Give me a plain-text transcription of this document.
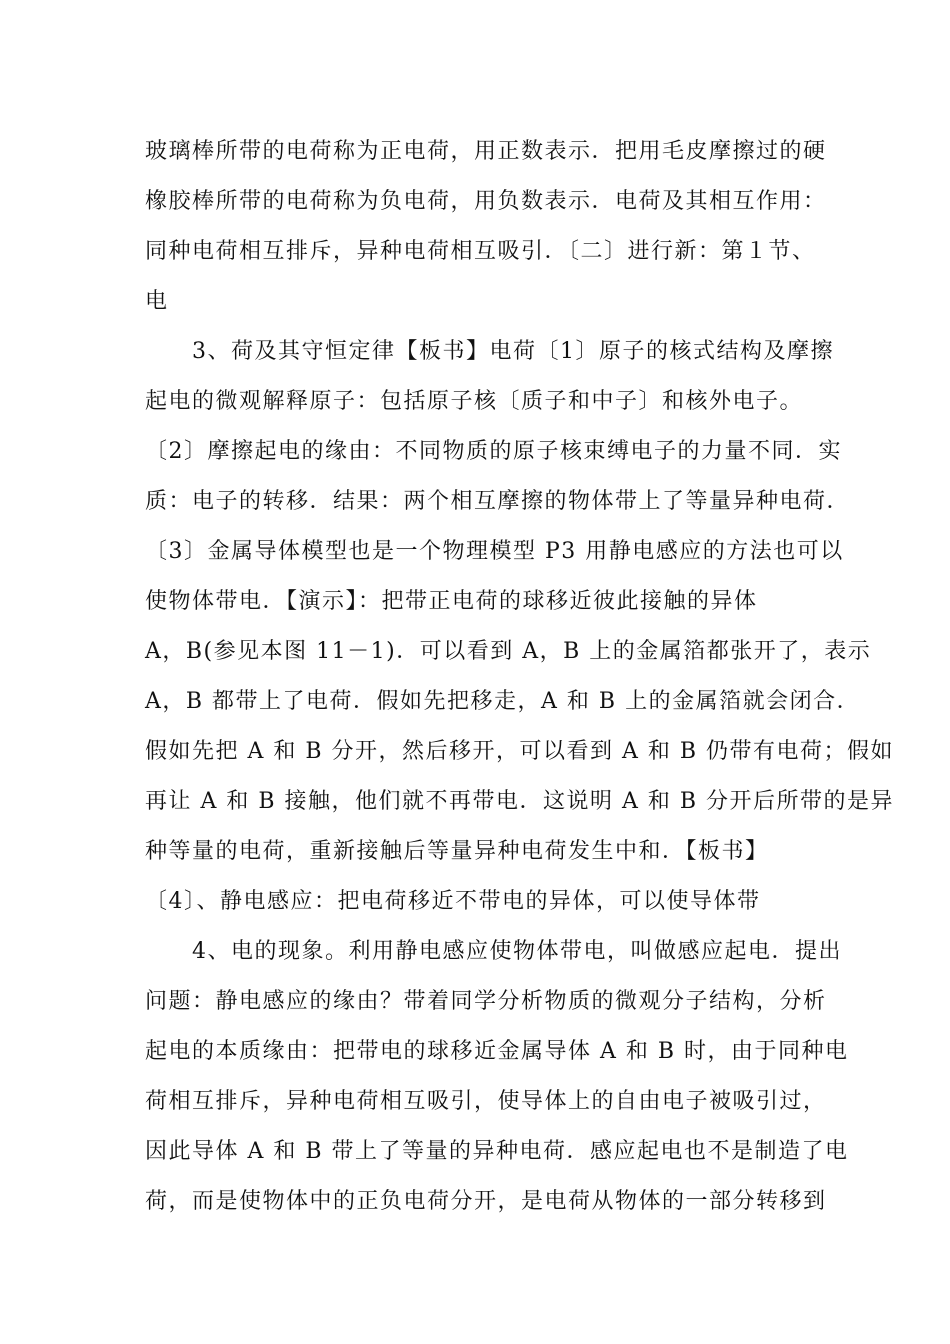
玻璃棒所带的电荷称为正电荷，用正数表示．把用毛皮摩擦过的硬
橡胶棒所带的电荷称为负电荷，用负数表示．电荷及其相互作用：
同种电荷相互排斥，异种电荷相互吸引．〔二〕进行新：第１节、
电
3、荷及其守恒定律【板书】电荷〔1〕原子的核式结构及摩擦
起电的微观解释原子：包括原子核〔质子和中子〕和核外电子。
〔2〕摩擦起电的缘由：不同物质的原子核束缚电子的力量不同．实
质：电子的转移．结果：两个相互摩擦的物体带上了等量异种电荷．
〔3〕金属导体模型也是一个物理模型 P3 用静电感应的方法也可以
使物体带电．【演示】：把带正电荷的球移近彼此接触的异体
A，B(参见本图 11－1)．可以看到 A，B 上的金属箔都张开了，表示
A，B 都带上了电荷．假如先把移走，A 和 B 上的金属箔就会闭合．
假如先把 A 和 B 分开，然后移开，可以看到 A 和 B 仍带有电荷；假如
再让 A 和 B 接触，他们就不再带电．这说明 A 和 B 分开后所带的是异
种等量的电荷，重新接触后等量异种电荷发生中和．【板书】
〔4〕、静电感应：把电荷移近不带电的异体，可以使导体带
4、电的现象。利用静电感应使物体带电，叫做感应起电．提出
问题：静电感应的缘由？带着同学分析物质的微观分子结构，分析
起电的本质缘由：把带电的球移近金属导体 A 和 B 时，由于同种电
荷相互排斥，异种电荷相互吸引，使导体上的自由电子被吸引过，
因此导体 A 和 B 带上了等量的异种电荷．感应起电也不是制造了电
荷，而是使物体中的正负电荷分开，是电荷从物体的一部分转移到
